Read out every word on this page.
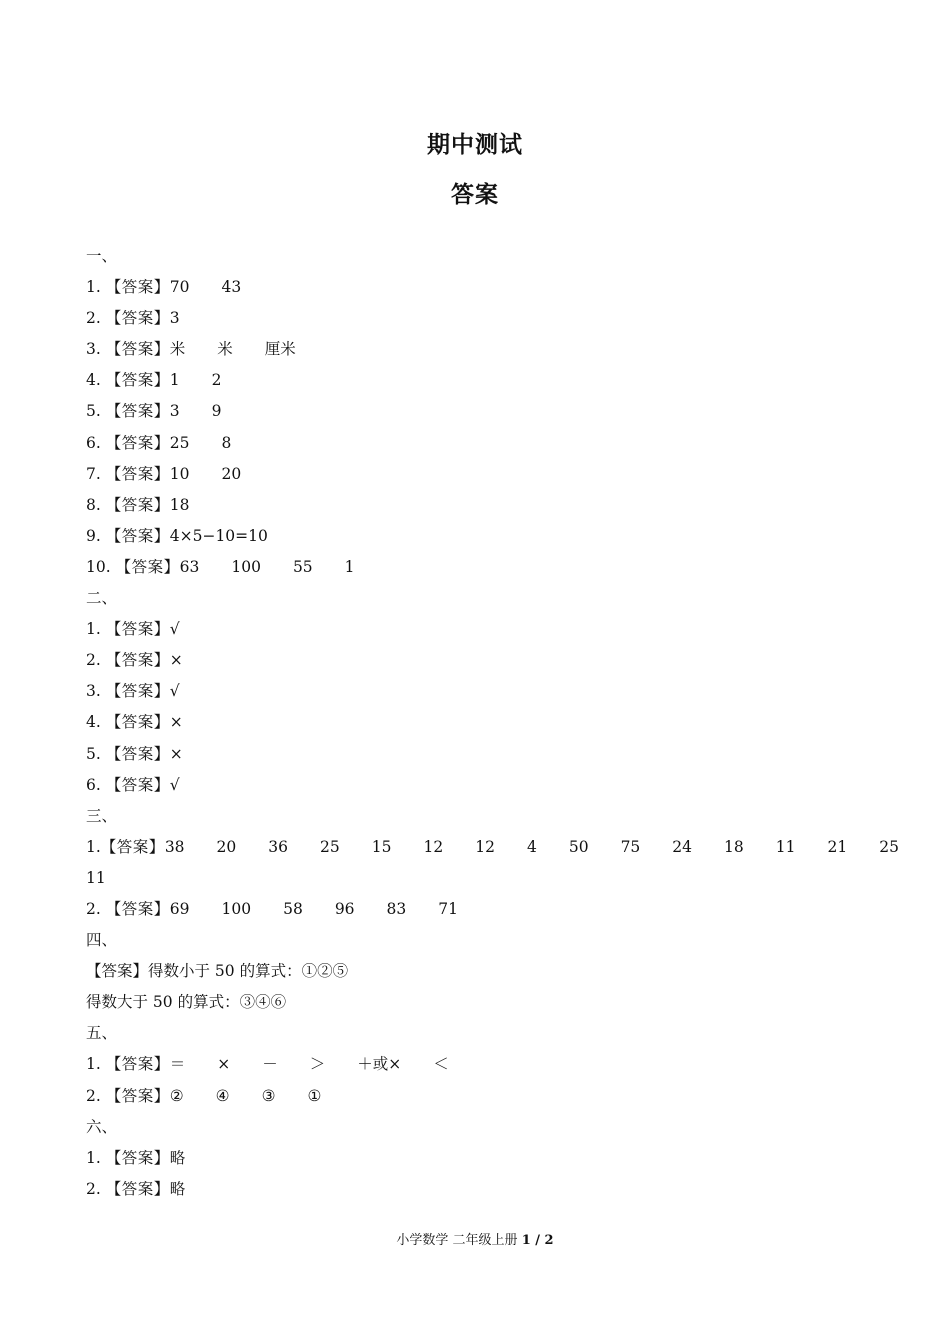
期中测试
答案
一、
1. 【答案】70 43
2. 【答案】3
3. 【答案】米 米 厘米
4. 【答案】1 2
5. 【答案】3 9
6. 【答案】25 8
7. 【答案】10 20
8. 【答案】18
9. 【答案】4×5−10=10
10. 【答案】63 100 55 1
二、
1. 【答案】√
2. 【答案】×
3. 【答案】√
4. 【答案】×
5. 【答案】×
6. 【答案】√
三、
1.【答案】38 20 36 25 15 12 12 4 50 75 24 18 11 21 25
11
2. 【答案】69 100 58 96 83 71
四、
【答案】得数小于 50 的算式：①②⑤
得数大于 50 的算式：③④⑥
五、
1. 【答案】＝ × － ＞ ＋或× ＜
2. 【答案】② ④ ③ ①
六、
1. 【答案】略
2. 【答案】略
小学数学 二年级上册 1 / 2
